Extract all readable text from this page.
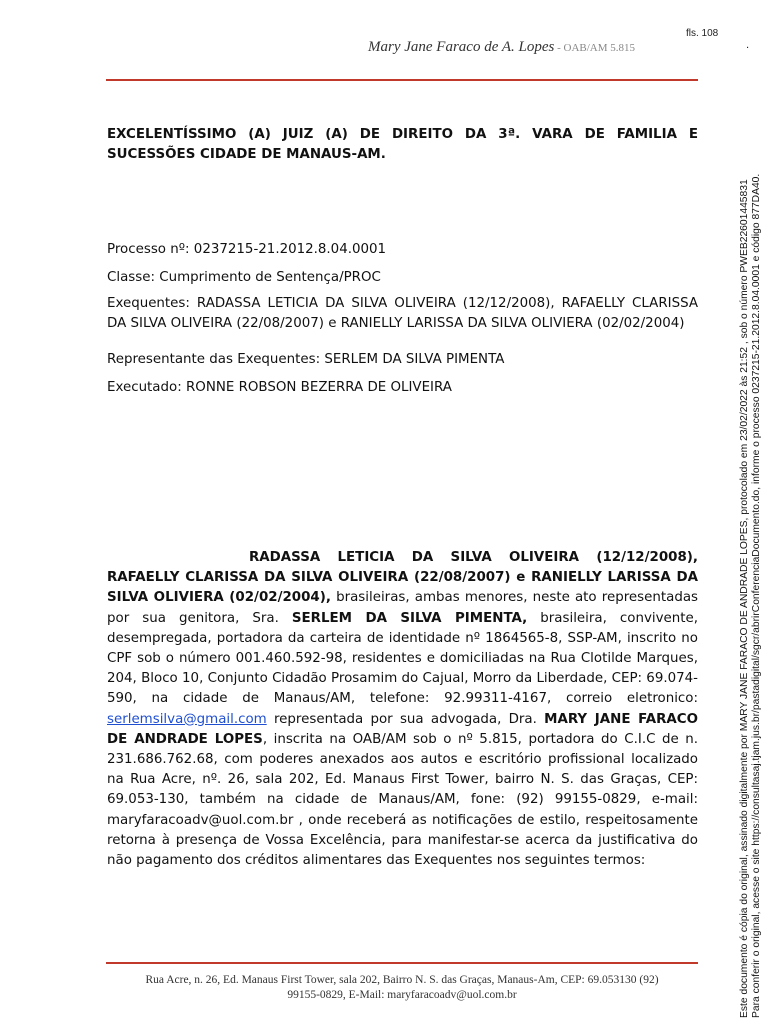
fls. 108
.
Mary Jane Faraco de A. Lopes - OAB/AM 5.815
EXCELENTÍSSIMO (A) JUIZ (A) DE DIREITO DA 3ª. VARA DE FAMILIA E SUCESSÕES CIDADE DE MANAUS-AM.
Processo nº: 0237215-21.2012.8.04.0001
Classe: Cumprimento de Sentença/PROC
Exequentes: RADASSA LETICIA DA SILVA OLIVEIRA (12/12/2008), RAFAELLY CLARISSA DA SILVA OLIVEIRA (22/08/2007) e RANIELLY LARISSA DA SILVA OLIVIERA (02/02/2004)
Representante das Exequentes: SERLEM DA SILVA PIMENTA
Executado: RONNE ROBSON BEZERRA DE OLIVEIRA
RADASSA LETICIA DA SILVA OLIVEIRA (12/12/2008), RAFAELLY CLARISSA DA SILVA OLIVEIRA (22/08/2007) e RANIELLY LARISSA DA SILVA OLIVIERA (02/02/2004), brasileiras, ambas menores, neste ato representadas por sua genitora, Sra. SERLEM DA SILVA PIMENTA, brasileira, convivente, desempregada, portadora da carteira de identidade nº 1864565-8, SSP-AM, inscrito no CPF sob o número 001.460.592-98, residentes e domiciliadas na Rua Clotilde Marques, 204, Bloco 10, Conjunto Cidadão Prosamim do Cajual, Morro da Liberdade, CEP: 69.074-590, na cidade de Manaus/AM, telefone: 92.99311-4167, correio eletronico: serlemsilva@gmail.com representada por sua advogada, Dra. MARY JANE FARACO DE ANDRADE LOPES, inscrita na OAB/AM sob o nº 5.815, portadora do C.I.C de n. 231.686.762.68, com poderes anexados aos autos e escritório profissional localizado na Rua Acre, nº. 26, sala 202, Ed. Manaus First Tower, bairro N. S. das Graças, CEP: 69.053-130, também na cidade de Manaus/AM, fone: (92) 99155-0829, e-mail: maryfaracoadv@uol.com.br , onde receberá as notificações de estilo, respeitosamente retorna à presença de Vossa Excelência, para manifestar-se acerca da justificativa do não pagamento dos créditos alimentares das Exequentes nos seguintes termos:
Rua Acre, n. 26, Ed. Manaus First Tower, sala 202, Bairro N. S. das Graças, Manaus-Am, CEP: 69.053130 (92)
99155-0829, E-Mail: maryfaracoadv@uol.com.br	Este documento é cópia do original, assinado digitalmente por MARY JANE FARACO DE ANDRADE LOPES, protocolado em 23/02/2022 às 21:52 , sob o número PWEB22601445831 Para conferir o original, acesse o site https://consultasaj.tjam.jus.br/pastadigital/sgcr/abrirConferenciaDocumento.do, informe o processo 0237215-21.2012.8.04.0001 e código 877DA40.
